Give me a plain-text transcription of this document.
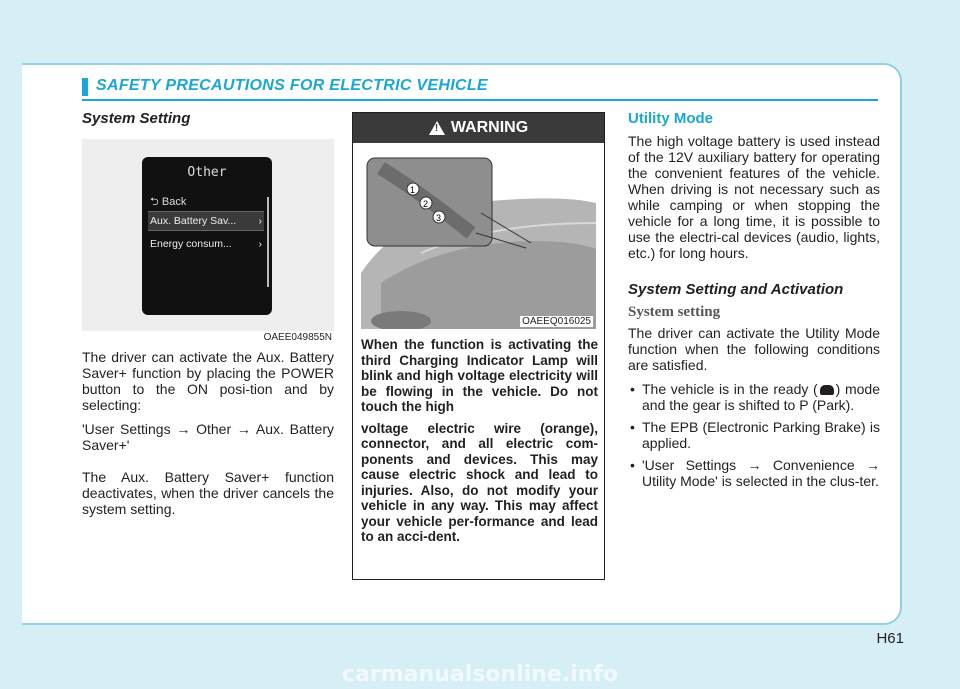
SAFETY PRECAUTIONS FOR ELECTRIC VEHICLE
System Setting
Other
⮌ Back
Aux. Battery Sav... ›
Energy consum...	›
OAEE049855N

The driver can activate the Aux. Battery Saver+ function by placing the POWER button to the ON posi-tion and by selecting:

'User Settings → Other → Aux. Battery Saver+'

The Aux. Battery Saver+ function deactivates, when the driver cancels the system setting.

!
WARNING
1
2
3
OAEEQ016025

When the function is activating the third Charging Indicator Lamp will blink and high voltage electricity will be flowing in the vehicle. Do not touch the high

voltage electric wire (orange), connector, and all electric com-ponents and devices. This may cause electric shock and lead to injuries. Also, do not modify your vehicle in any way. This may affect your vehicle per-formance and lead to an acci-dent.

Utility Mode

The high voltage battery is used instead of the 12V auxiliary battery for operating the convenient features of the vehicle. When driving is not necessary such as while camping or when stopping the vehicle for a long time, it is possible to use the electri-cal devices (audio, lights, etc.) for long hours.

System Setting and Activation
System setting

The driver can activate the Utility Mode function when the following conditions are satisfied.

• The vehicle is in the ready ( ) mode and the gear is shifted to P (Park).
• The EPB (Electronic Parking Brake) is applied.
• 'User Settings → Convenience → Utility Mode' is selected in the clus-ter.
H61
carmanualsonline.info
